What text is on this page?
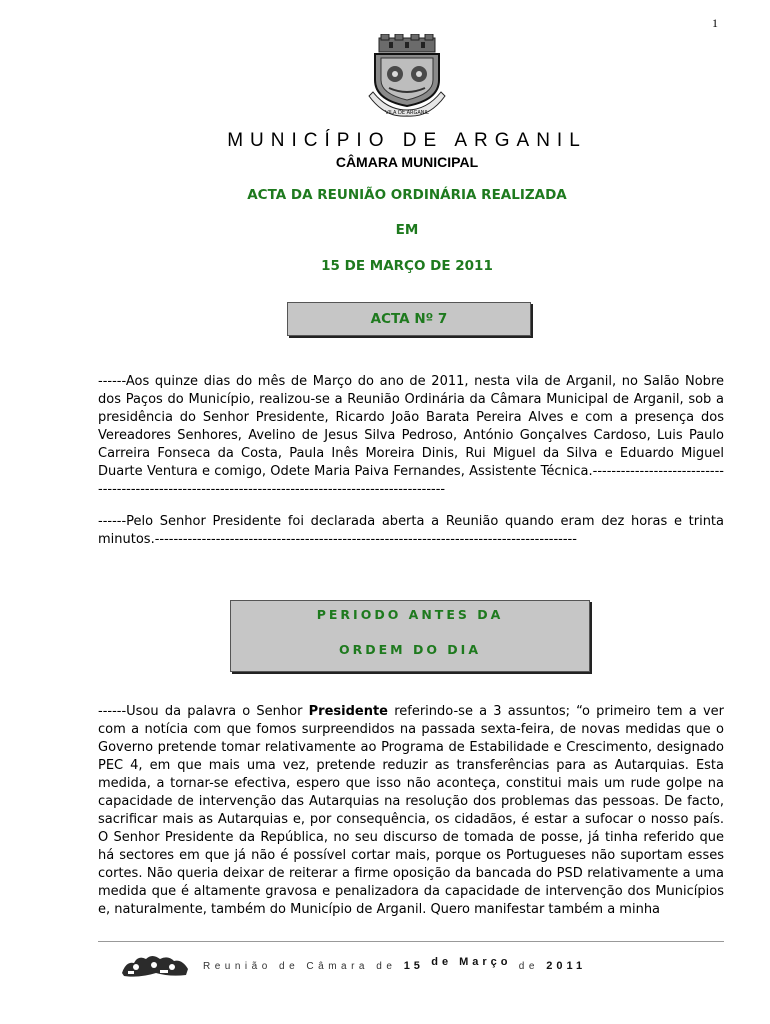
1
VILA DE ARGANIL
MUNICÍPIO DE ARGANIL
CÂMARA MUNICIPAL
ACTA DA REUNIÃO ORDINÁRIA REALIZADA
EM
15 DE MARÇO DE 2011
ACTA Nº 7
------Aos quinze dias do mês de Março do ano de 2011, nesta vila de Arganil, no Salão Nobre dos Paços do Município, realizou-se a Reunião Ordinária da Câmara Municipal de Arganil, sob a presidência do Senhor Presidente, Ricardo João Barata Pereira Alves e com a presença dos Vereadores Senhores, Avelino de Jesus Silva Pedroso, António Gonçalves Cardoso, Luis Paulo Carreira Fonseca da Costa, Paula Inês Moreira Dinis, Rui Miguel da Silva e Eduardo Miguel Duarte Ventura e comigo, Odete Maria Paiva Fernandes, Assistente Técnica.------------------------------------------------------------------------------------------------------
------Pelo Senhor Presidente foi declarada aberta a Reunião quando eram dez horas e trinta minutos.------------------------------------------------------------------------------------------
PERIODO ANTES DA
ORDEM DO DIA
------Usou da palavra o Senhor Presidente referindo-se a 3 assuntos; “o primeiro tem a ver com a notícia com que fomos surpreendidos na passada sexta-feira, de novas medidas que o Governo pretende tomar relativamente ao Programa de Estabilidade e Crescimento, designado PEC 4, em que mais uma vez, pretende reduzir as transferências para as Autarquias. Esta medida, a tornar-se efectiva, espero que isso não aconteça, constitui mais um rude golpe na capacidade de intervenção das Autarquias na resolução dos problemas das pessoas. De facto, sacrificar mais as Autarquias e, por consequência, os cidadãos, é estar a sufocar o nosso país. O Senhor Presidente da República, no seu discurso de tomada de posse, já tinha referido que há sectores em que já não é possível cortar mais, porque os Portugueses não suportam esses cortes. Não queria deixar de reiterar a firme oposição da bancada do PSD relativamente a uma medida que é altamente gravosa e penalizadora da capacidade de intervenção dos Municípios e, naturalmente, também do Município de Arganil. Quero manifestar também a minha
Reunião de Câmara de 15 de Março de 2011
